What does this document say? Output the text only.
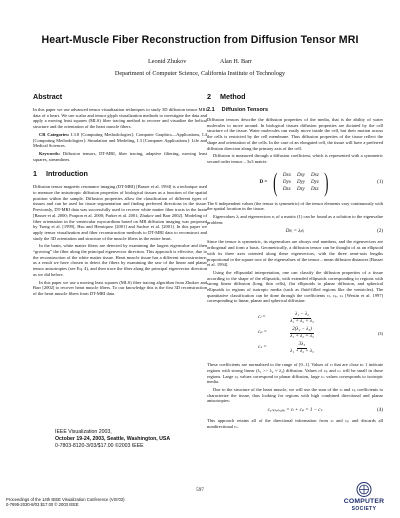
Heart-Muscle Fiber Reconstruction from Diffusion Tensor MRI
Leonid Zhukov	Alan H. Barr
Department of Computer Science, California Institute of Technology
Abstract

In this paper we use advanced tensor visualization techniques to study 3D diffusion tensor MRI data of a heart. We use scalar and tensor glyph visualization methods to investigate the data and apply a moving least squares (MLS) fiber tracing method to recover and visualize the helical structure and the orientation of the heart muscle fibers.

CR Categories: I.3.8 [Computing Methodologies]: Computer Graphics—Applications, I.4 [Computing Methodologies]: Simulation and Modeling, I.3 [Computer Applications]: Life and Medical Sciences.

Keywords: Diffusion tensors, DT-MRI, fiber tracing, adaptive filtering, moving least squares, streamlines.

1 Introduction

Diffusion tensor magnetic resonance imaging (DT-MRI) [Basser et al. 1994] is a technique used to measure the anisotropic diffusion properties of biological tissues as a function of the spatial position within the sample. Diffusion properties allow the classification of different types of tissues and can be used for tissue segmentation and finding preferred directions in the tissue. Previously, DT-MRI data was successfully used to recover white matter fiber tracts in the brain [Basser et al. 2000; Poupon et al. 2000; Parker et al. 2001; Zhukov and Barr 2002]. Modeling of fiber orientation in the ventricular myocardium based on MR diffusion imaging was proposed by Tseng et al. [1999], Hsu and Henriquez [2001] and Sachse et al. [2001]. In this paper we apply tensor visualization and fiber reconstruction methods to DT-MRI data to reconstruct and study the 3D orientation and structure of the muscle fibers in the entire heart.

In the brain, white matter fibers are detected by examining the largest eigenvalue and then “growing” the fiber along the principal eigenvector direction. This approach is effective, due to the reconstruction of the white matter tissue. Heart muscle tissue has a different microstructure, as a result we have chosen to detect the fibers by examining the saw of the linear and planar tensor anisotropies (see Eq. 4), and then trace the fiber along the principal eigenvector direction as we did before.

In this paper we use a moving least squares (MLS) fiber tracing algorithm from Zhukov and Barr [2002] to recover heart muscle fibers. To our knowledge this is the first 3D reconstruction of the heart muscle fibers from DT-MRI data.

IEEE Visualization 2003,
October 19-24, 2003, Seattle, Washington, USA
0-7803-8120-3/03/$17.00 ©2003 IEEE
2 Method
2.1 Diffusion Tensors

Diffusion tensors describe the diffusion properties of the media, that is the ability of water molecules to move around. In biological tissues diffusion properties are dictated by the cell structure of the tissue. Water molecules can easily move inside the cell, but their motion across the cells is restricted by the cell membrane. Thus diffusion properties of the tissue reflect the shape and orientation of the cells. In the case of an elongated cell, the tissue will have a preferred diffusion direction along the primary axis of the cell.

Diffusion is measured through a diffusion coefficient, which is represented with a symmetric second order tensor – 3x3 matrix:

D = ( Dxx	Dxy	Dxz
Dyx	Dyy	Dyz
Dzx	Dzy	Dzz )	(1)

The 6 independent values (the tensor is symmetric) of the tensor elements vary continuously with the spatial location in the tissue.

Eigenvalues λᵢ and eigenvectors eᵢ of a matrix (1) can be found as a solution to the eigenvalue problem:

Deᵢ = λᵢeᵢ	(2)

Since the tensor is symmetric, its eigenvalues are always real numbers, and the eigenvectors are orthogonal and form a basis. Geometrically, a diffusion tensor can be thought of as an ellipsoid with its three axes oriented along these eigenvectors, with the three semi-axis lengths proportional to the square root of the eigenvalues of the tensor – mean diffusion distances [Basser et al. 1994].

Using the ellipsoidal interpretation, one can classify the diffusion properties of a tissue according to the shape of the ellipsoids, with extended ellipsoids corresponding to regions with strong linear diffusion (long, thin cells), flat ellipsoids to planar diffusion, and spherical ellipsoids to regions of isotropic media (such as fluid-filled regions like the ventricles). The quantitative classification can be done through the coefficients cₗ, cₚ, cₛ [Westin et al. 1997] corresponding to linear, planar and spherical diffusion:

cₗ =	$\frac{\text{λ₁ − λ₂}}{\text{λ₁ + λ₂ + λ₃}}$
cₚ =	$\frac{\text{2(λ₂ − λ₃)}}{\text{λ₁ + λ₂ + λ₃}}$
cₛ =	$\frac{\text{3λ₃}}{\text{λ₁ + λ₂ + λ₃}}$
(3)

These coefficients are normalized to the range of [0..1]. Values of cₗ that are close to 1 indicate regions with strong linear (λ₁ >> λ₂ ≈ λ₃) diffusion. Values of cₚ and cₛ will be small in those regions. Large cₚ values correspond to planar diffusion, large cₛ values corresponds to isotropic media.

Due to the structure of the heart muscle, we will use the sum of the cₗ and cₚ coefficients to characterize the tissue, thus looking for regions with high combined directional and planar anisotropies:

cₐₙᵢₛₒₜᵣₒₚᵧ = cₗ + cₚ = 1 − cₛ	(4)

This approach retains all of the directional information from cₗ and cₚ and discards all nondirectional cₛ.

597
Proceedings of the 14th IEEE Visualization Conference (VIS'03)
0-7695-2030-8/03 $17.00 © 2003 IEEE	COMPUTER
SOCIETY
